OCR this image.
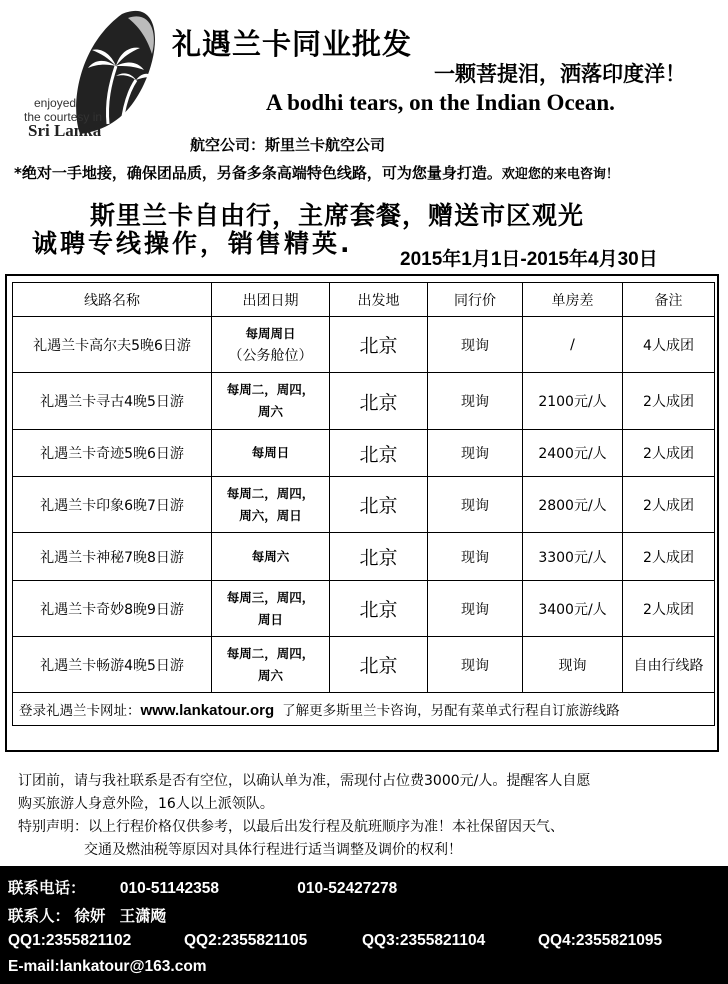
enjoyed
the courtesy in
Sri Lanka
礼遇兰卡同业批发
一颗菩提泪，洒落印度洋！
A bodhi tears, on the Indian Ocean.
航空公司：斯里兰卡航空公司
*绝对一手地接，确保团品质，另备多条高端特色线路，可为您量身打造。欢迎您的来电咨询！
斯里兰卡自由行，主席套餐，赠送市区观光
诚聘专线操作，销售精英.
2015年1月1日-2015年4月30日
线路名称	出团日期	出发地	同行价	单房差	备注
礼遇兰卡高尔夫5晚6日游	每周周日
（公务舱位）	北京	现询	/	4人成团
礼遇兰卡寻古4晚5日游	每周二，周四，
周六	北京	现询	2100元/人	2人成团
礼遇兰卡奇迹5晚6日游	每周日	北京	现询	2400元/人	2人成团
礼遇兰卡印象6晚7日游	每周二，周四，
周六，周日	北京	现询	2800元/人	2人成团
礼遇兰卡神秘7晚8日游	每周六	北京	现询	3300元/人	2人成团
礼遇兰卡奇妙8晚9日游	每周三，周四，
周日	北京	现询	3400元/人	2人成团
礼遇兰卡畅游4晚5日游	每周二，周四，
周六	北京	现询	现询	自由行线路
登录礼遇兰卡网址：www.lankatour.org 了解更多斯里兰卡咨询，另配有菜单式行程自订旅游线路					
订团前，请与我社联系是否有空位，以确认单为准，需现付占位费3000元/人。提醒客人自愿
购买旅游人身意外险，16人以上派领队。
特别声明：以上行程价格仅供参考，以最后出发行程及航班顺序为准！本社保留因天气、
交通及燃油税等原因对具体行程进行适当调整及调价的权利！
联系电话： 010-51142358	010-52427278
联系人： 徐妍 王潇飏
QQ1:2355821102	QQ2:2355821105	QQ3:2355821104	QQ4:2355821095
E-mail:lankatour@163.com
